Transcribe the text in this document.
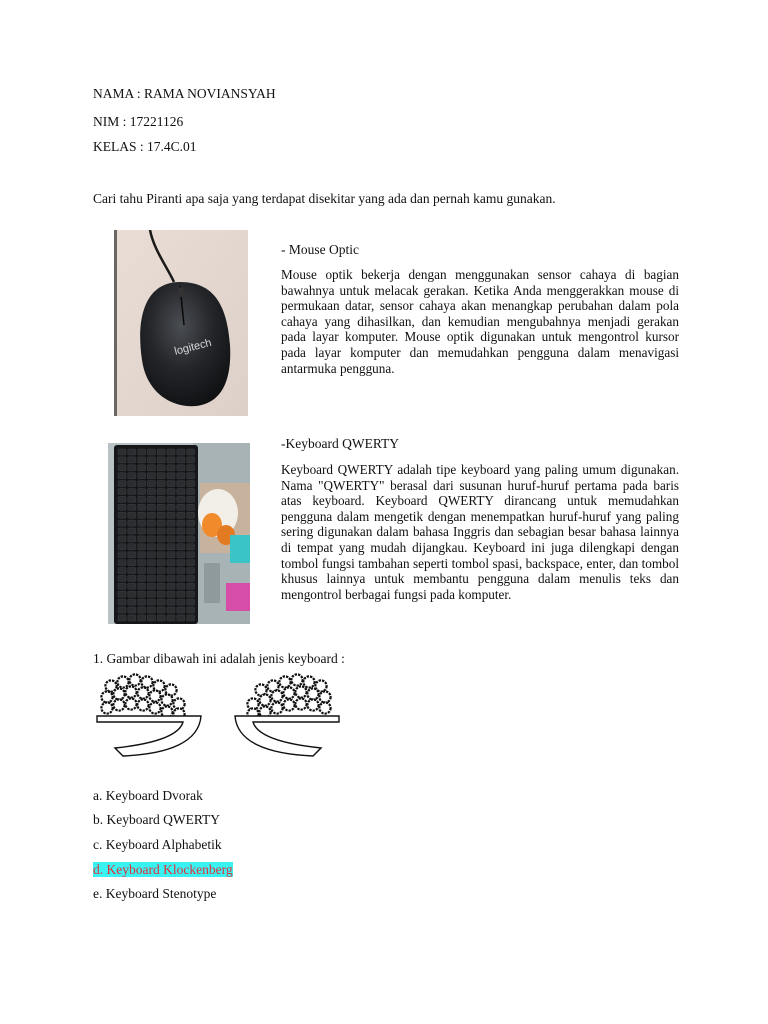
NAMA : RAMA NOVIANSYAH
NIM : 17221126
KELAS : 17.4C.01
Cari tahu Piranti apa saja yang terdapat disekitar yang ada dan pernah kamu gunakan.
logitech
- Mouse Optic
Mouse optik bekerja dengan menggunakan sensor cahaya di bagian bawahnya untuk melacak gerakan. Ketika Anda menggerakkan mouse di permukaan datar, sensor cahaya akan menangkap perubahan dalam pola cahaya yang dihasilkan, dan kemudian mengubahnya menjadi gerakan pada layar komputer. Mouse optik digunakan untuk mengontrol kursor pada layar komputer dan memudahkan pengguna dalam menavigasi antarmuka pengguna.
-Keyboard QWERTY
Keyboard QWERTY adalah tipe keyboard yang paling umum digunakan. Nama "QWERTY" berasal dari susunan huruf-huruf pertama pada baris atas keyboard. Keyboard QWERTY dirancang untuk memudahkan pengguna dalam mengetik dengan menempatkan huruf-huruf yang paling sering digunakan dalam bahasa Inggris dan sebagian besar bahasa lainnya di tempat yang mudah dijangkau. Keyboard ini juga dilengkapi dengan tombol fungsi tambahan seperti tombol spasi, backspace, enter, dan tombol khusus lainnya untuk membantu pengguna dalam menulis teks dan mengontrol berbagai fungsi pada komputer.
1. Gambar dibawah ini adalah jenis keyboard :
a. Keyboard Dvorak
b. Keyboard QWERTY
c. Keyboard Alphabetik
d. Keyboard Klockenberg
e. Keyboard Stenotype
